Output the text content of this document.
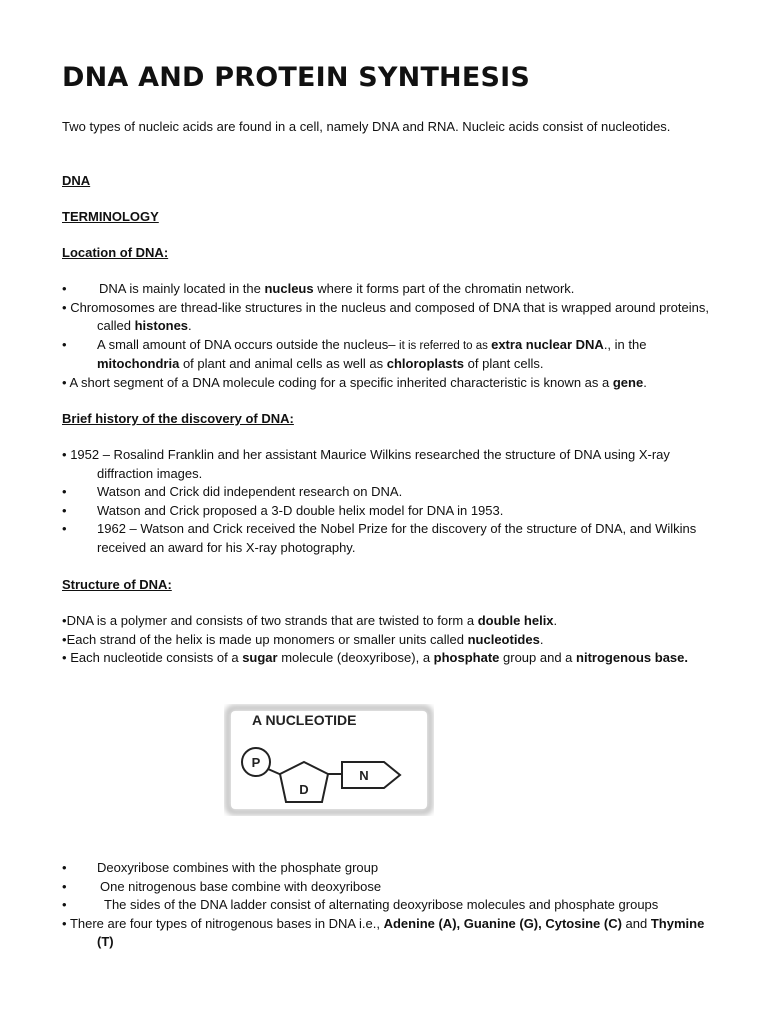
DNA AND PROTEIN SYNTHESIS

Two types of nucleic acids are found in a cell, namely DNA and RNA. Nucleic acids consist of nucleotides.

DNA

TERMINOLOGY

Location of DNA:

• DNA is mainly located in the nucleus where it forms part of the chromatin network.
• Chromosomes are thread-like structures in the nucleus and composed of DNA that is wrapped around proteins, called histones.
• A small amount of DNA occurs outside the nucleus– it is referred to as extra nuclear DNA., in the mitochondria of plant and animal cells as well as chloroplasts of plant cells.
• A short segment of a DNA molecule coding for a specific inherited characteristic is known as a gene.

Brief history of the discovery of DNA:

• 1952 – Rosalind Franklin and her assistant Maurice Wilkins researched the structure of DNA using X-ray diffraction images.
• Watson and Crick did independent research on DNA.
• Watson and Crick proposed a 3-D double helix model for DNA in 1953.
• 1962 – Watson and Crick received the Nobel Prize for the discovery of the structure of DNA, and Wilkins received an award for his X-ray photography.

Structure of DNA:

•DNA is a polymer and consists of two strands that are twisted to form a double helix.
•Each strand of the helix is made up monomers or smaller units called nucleotides.
• Each nucleotide consists of a sugar molecule (deoxyribose), a phosphate group and a nitrogenous base.
A NUCLEOTIDE
P
D
N
• Deoxyribose combines with the phosphate group
•	One nitrogenous base combine with deoxyribose
•	The sides of the DNA ladder consist of alternating deoxyribose molecules and phosphate groups
• There are four types of nitrogenous bases in DNA i.e., Adenine (A), Guanine (G), Cytosine (C) and Thymine (T)
